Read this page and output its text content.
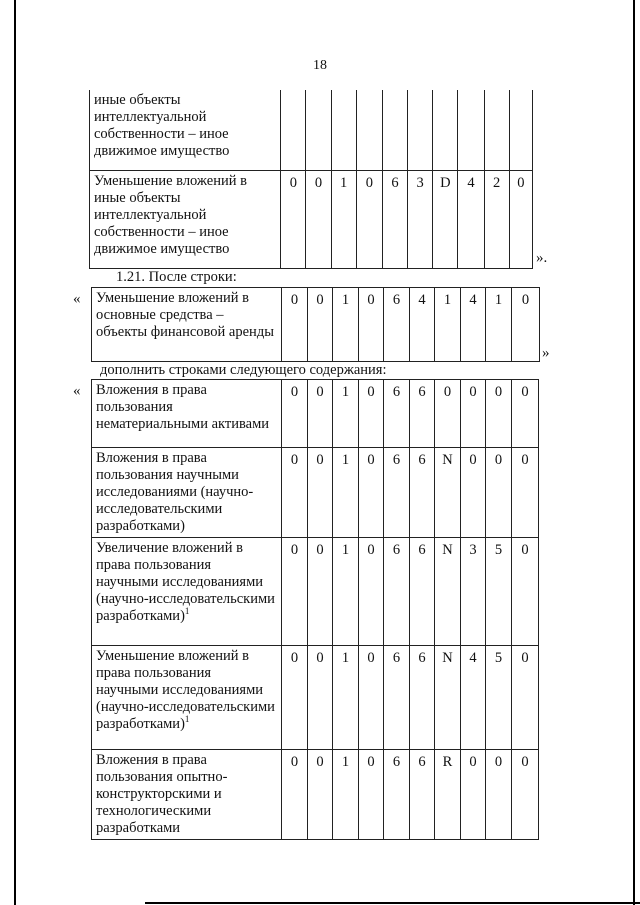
18
иные объекты интеллектуальной собственности – иное движимое имущество										
Уменьшение вложений в иные объекты интеллектуальной собственности – иное движимое имущество	0	0	1	0	6	3	D	4	2	0
».
1.21. После строки:
« Уменьшение вложений в основные средства – объекты финансовой аренды	0	0	1	0	6	4	1	4	1	0
»
дополнить строками следующего содержания:
« Вложения в права пользования нематериальными активами	0	0	1	0	6	6	0	0	0	0
Вложения в права пользования научными исследованиями (научно-исследовательскими разработками)	0	0	1	0	6	6	N	0	0	0
Увеличение вложений в права пользования научными исследованиями (научно-исследовательскими разработками)$^1$	0	0	1	0	6	6	N	3	5	0
Уменьшение вложений в права пользования научными исследованиями (научно-исследовательскими разработками)$^1$	0	0	1	0	6	6	N	4	5	0
Вложения в права пользования опытно-конструкторскими и технологическими разработками	0	0	1	0	6	6	R	0	0	0
